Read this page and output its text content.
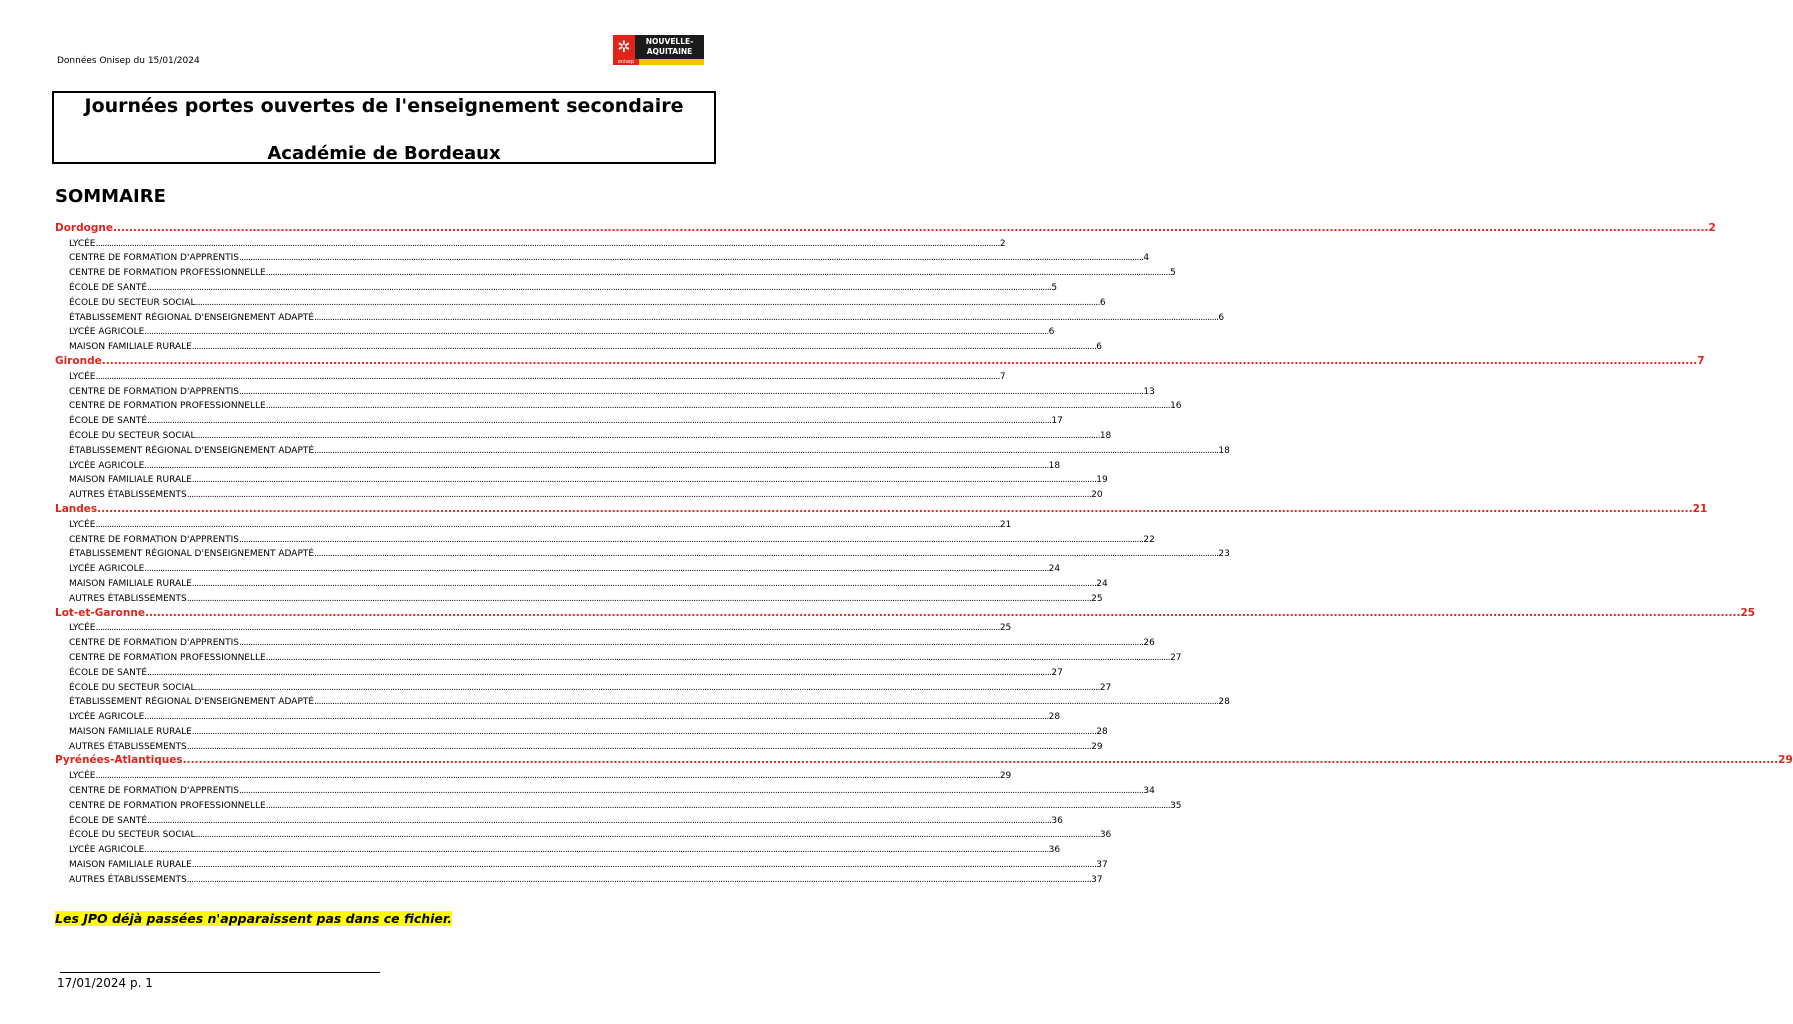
Données Onisep du 15/01/2024
✲	NOUVELLE-
AQUITAINE
onisep
Journées portes ouvertes de l'enseignement secondaire
Académie de Bordeaux
SOMMAIRE
Dordogne ................................................................................................................................................................................................................................................................................................................................................................................................................ 2
LYCÉE ................................................................................................................................................................................................................................................................................................................................................................................................................ 2
CENTRE DE FORMATION D'APPRENTIS ................................................................................................................................................................................................................................................................................................................................................................................................................ 4
CENTRE DE FORMATION PROFESSIONNELLE ................................................................................................................................................................................................................................................................................................................................................................................................................ 5
ÉCOLE DE SANTÉ ................................................................................................................................................................................................................................................................................................................................................................................................................ 5
ÉCOLE DU SECTEUR SOCIAL ................................................................................................................................................................................................................................................................................................................................................................................................................ 6
ÉTABLISSEMENT RÉGIONAL D'ENSEIGNEMENT ADAPTÉ ................................................................................................................................................................................................................................................................................................................................................................................................................ 6
LYCÉE AGRICOLE ................................................................................................................................................................................................................................................................................................................................................................................................................ 6
MAISON FAMILIALE RURALE ................................................................................................................................................................................................................................................................................................................................................................................................................ 6
Gironde ................................................................................................................................................................................................................................................................................................................................................................................................................ 7
LYCÉE ................................................................................................................................................................................................................................................................................................................................................................................................................ 7
CENTRE DE FORMATION D'APPRENTIS ................................................................................................................................................................................................................................................................................................................................................................................................................ 13
CENTRE DE FORMATION PROFESSIONNELLE ................................................................................................................................................................................................................................................................................................................................................................................................................ 16
ÉCOLE DE SANTÉ ................................................................................................................................................................................................................................................................................................................................................................................................................ 17
ÉCOLE DU SECTEUR SOCIAL ................................................................................................................................................................................................................................................................................................................................................................................................................ 18
ÉTABLISSEMENT RÉGIONAL D'ENSEIGNEMENT ADAPTÉ ................................................................................................................................................................................................................................................................................................................................................................................................................ 18
LYCÉE AGRICOLE ................................................................................................................................................................................................................................................................................................................................................................................................................ 18
MAISON FAMILIALE RURALE ................................................................................................................................................................................................................................................................................................................................................................................................................ 19
AUTRES ÉTABLISSEMENTS ................................................................................................................................................................................................................................................................................................................................................................................................................ 20
Landes ................................................................................................................................................................................................................................................................................................................................................................................................................ 21
LYCÉE ................................................................................................................................................................................................................................................................................................................................................................................................................ 21
CENTRE DE FORMATION D'APPRENTIS ................................................................................................................................................................................................................................................................................................................................................................................................................ 22
ÉTABLISSEMENT RÉGIONAL D'ENSEIGNEMENT ADAPTÉ ................................................................................................................................................................................................................................................................................................................................................................................................................ 23
LYCÉE AGRICOLE ................................................................................................................................................................................................................................................................................................................................................................................................................ 24
MAISON FAMILIALE RURALE ................................................................................................................................................................................................................................................................................................................................................................................................................ 24
AUTRES ÉTABLISSEMENTS ................................................................................................................................................................................................................................................................................................................................................................................................................ 25
Lot-et-Garonne ................................................................................................................................................................................................................................................................................................................................................................................................................ 25
LYCÉE ................................................................................................................................................................................................................................................................................................................................................................................................................ 25
CENTRE DE FORMATION D'APPRENTIS ................................................................................................................................................................................................................................................................................................................................................................................................................ 26
CENTRE DE FORMATION PROFESSIONNELLE ................................................................................................................................................................................................................................................................................................................................................................................................................ 27
ÉCOLE DE SANTÉ ................................................................................................................................................................................................................................................................................................................................................................................................................ 27
ÉCOLE DU SECTEUR SOCIAL ................................................................................................................................................................................................................................................................................................................................................................................................................ 27
ÉTABLISSEMENT RÉGIONAL D'ENSEIGNEMENT ADAPTÉ ................................................................................................................................................................................................................................................................................................................................................................................................................ 28
LYCÉE AGRICOLE ................................................................................................................................................................................................................................................................................................................................................................................................................ 28
MAISON FAMILIALE RURALE ................................................................................................................................................................................................................................................................................................................................................................................................................ 28
AUTRES ÉTABLISSEMENTS ................................................................................................................................................................................................................................................................................................................................................................................................................ 29
Pyrénées-Atlantiques ................................................................................................................................................................................................................................................................................................................................................................................................................ 29
LYCÉE ................................................................................................................................................................................................................................................................................................................................................................................................................ 29
CENTRE DE FORMATION D'APPRENTIS ................................................................................................................................................................................................................................................................................................................................................................................................................ 34
CENTRE DE FORMATION PROFESSIONNELLE ................................................................................................................................................................................................................................................................................................................................................................................................................ 35
ÉCOLE DE SANTÉ ................................................................................................................................................................................................................................................................................................................................................................................................................ 36
ÉCOLE DU SECTEUR SOCIAL ................................................................................................................................................................................................................................................................................................................................................................................................................ 36
LYCÉE AGRICOLE ................................................................................................................................................................................................................................................................................................................................................................................................................ 36
MAISON FAMILIALE RURALE ................................................................................................................................................................................................................................................................................................................................................................................................................ 37
AUTRES ÉTABLISSEMENTS ................................................................................................................................................................................................................................................................................................................................................................................................................ 37
Les JPO déjà passées n'apparaissent pas dans ce fichier.
17/01/2024 p. 1
